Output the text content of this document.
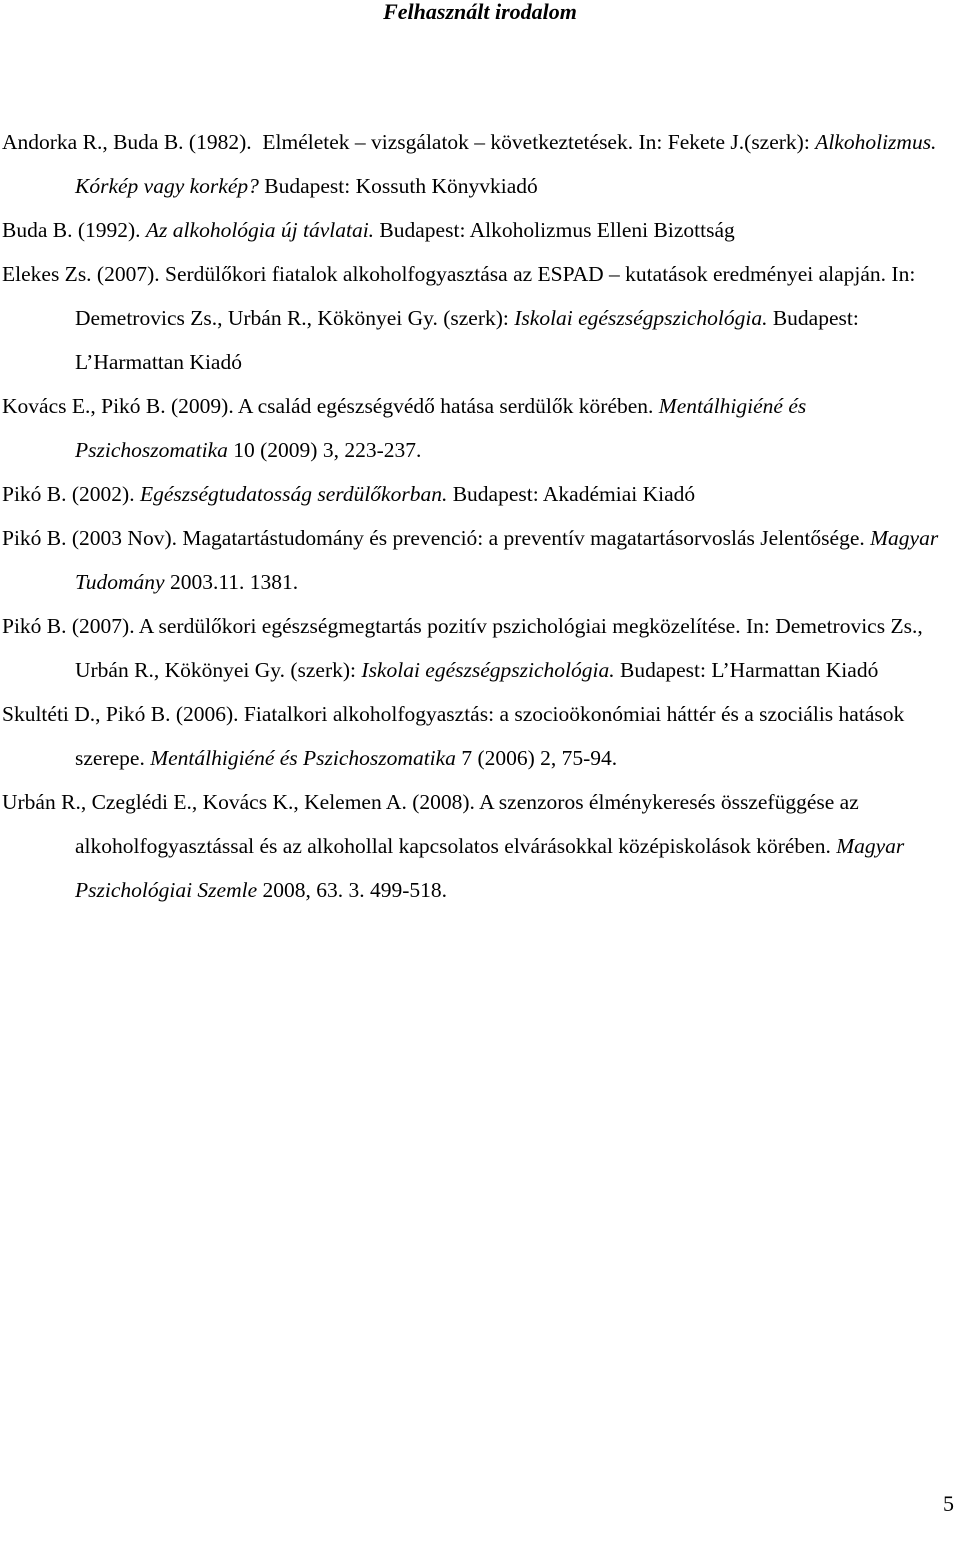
Felhasznált irodalom
Andorka R., Buda B. (1982).  Elméletek – vizsgálatok – következtetések. In: Fekete J.(szerk): Alkoholizmus. Kórkép vagy korkép? Budapest: Kossuth Könyvkiadó
Buda B. (1992). Az alkohológia új távlatai. Budapest: Alkoholizmus Elleni Bizottság
Elekes Zs. (2007). Serdülőkori fiatalok alkoholfogyasztása az ESPAD – kutatások eredményei alapján. In: Demetrovics Zs., Urbán R., Kökönyei Gy. (szerk): Iskolai egészségpszichológia. Budapest: L’Harmattan Kiadó
Kovács E., Pikó B. (2009). A család egészségvédő hatása serdülők körében. Mentálhigiéné és Pszichoszomatika 10 (2009) 3, 223-237.
Pikó B. (2002). Egészségtudatosság serdülőkorban. Budapest: Akadémiai Kiadó
Pikó B. (2003 Nov). Magatartástudomány és prevenció: a preventív magatartásorvoslás Jelentősége. Magyar Tudomány 2003.11. 1381.
Pikó B. (2007). A serdülőkori egészségmegtartás pozitív pszichológiai megközelítése. In: Demetrovics Zs., Urbán R., Kökönyei Gy. (szerk): Iskolai egészségpszichológia. Budapest: L’Harmattan Kiadó
Skultéti D., Pikó B. (2006). Fiatalkori alkoholfogyasztás: a szocioökonómiai háttér és a szociális hatások szerepe. Mentálhigiéné és Pszichoszomatika 7 (2006) 2, 75-94.
Urbán R., Czeglédi E., Kovács K., Kelemen A. (2008). A szenzoros élménykeresés összefüggése az alkoholfogyasztással és az alkohollal kapcsolatos elvárásokkal középiskolások körében. Magyar Pszichológiai Szemle 2008, 63. 3. 499-518.

5
